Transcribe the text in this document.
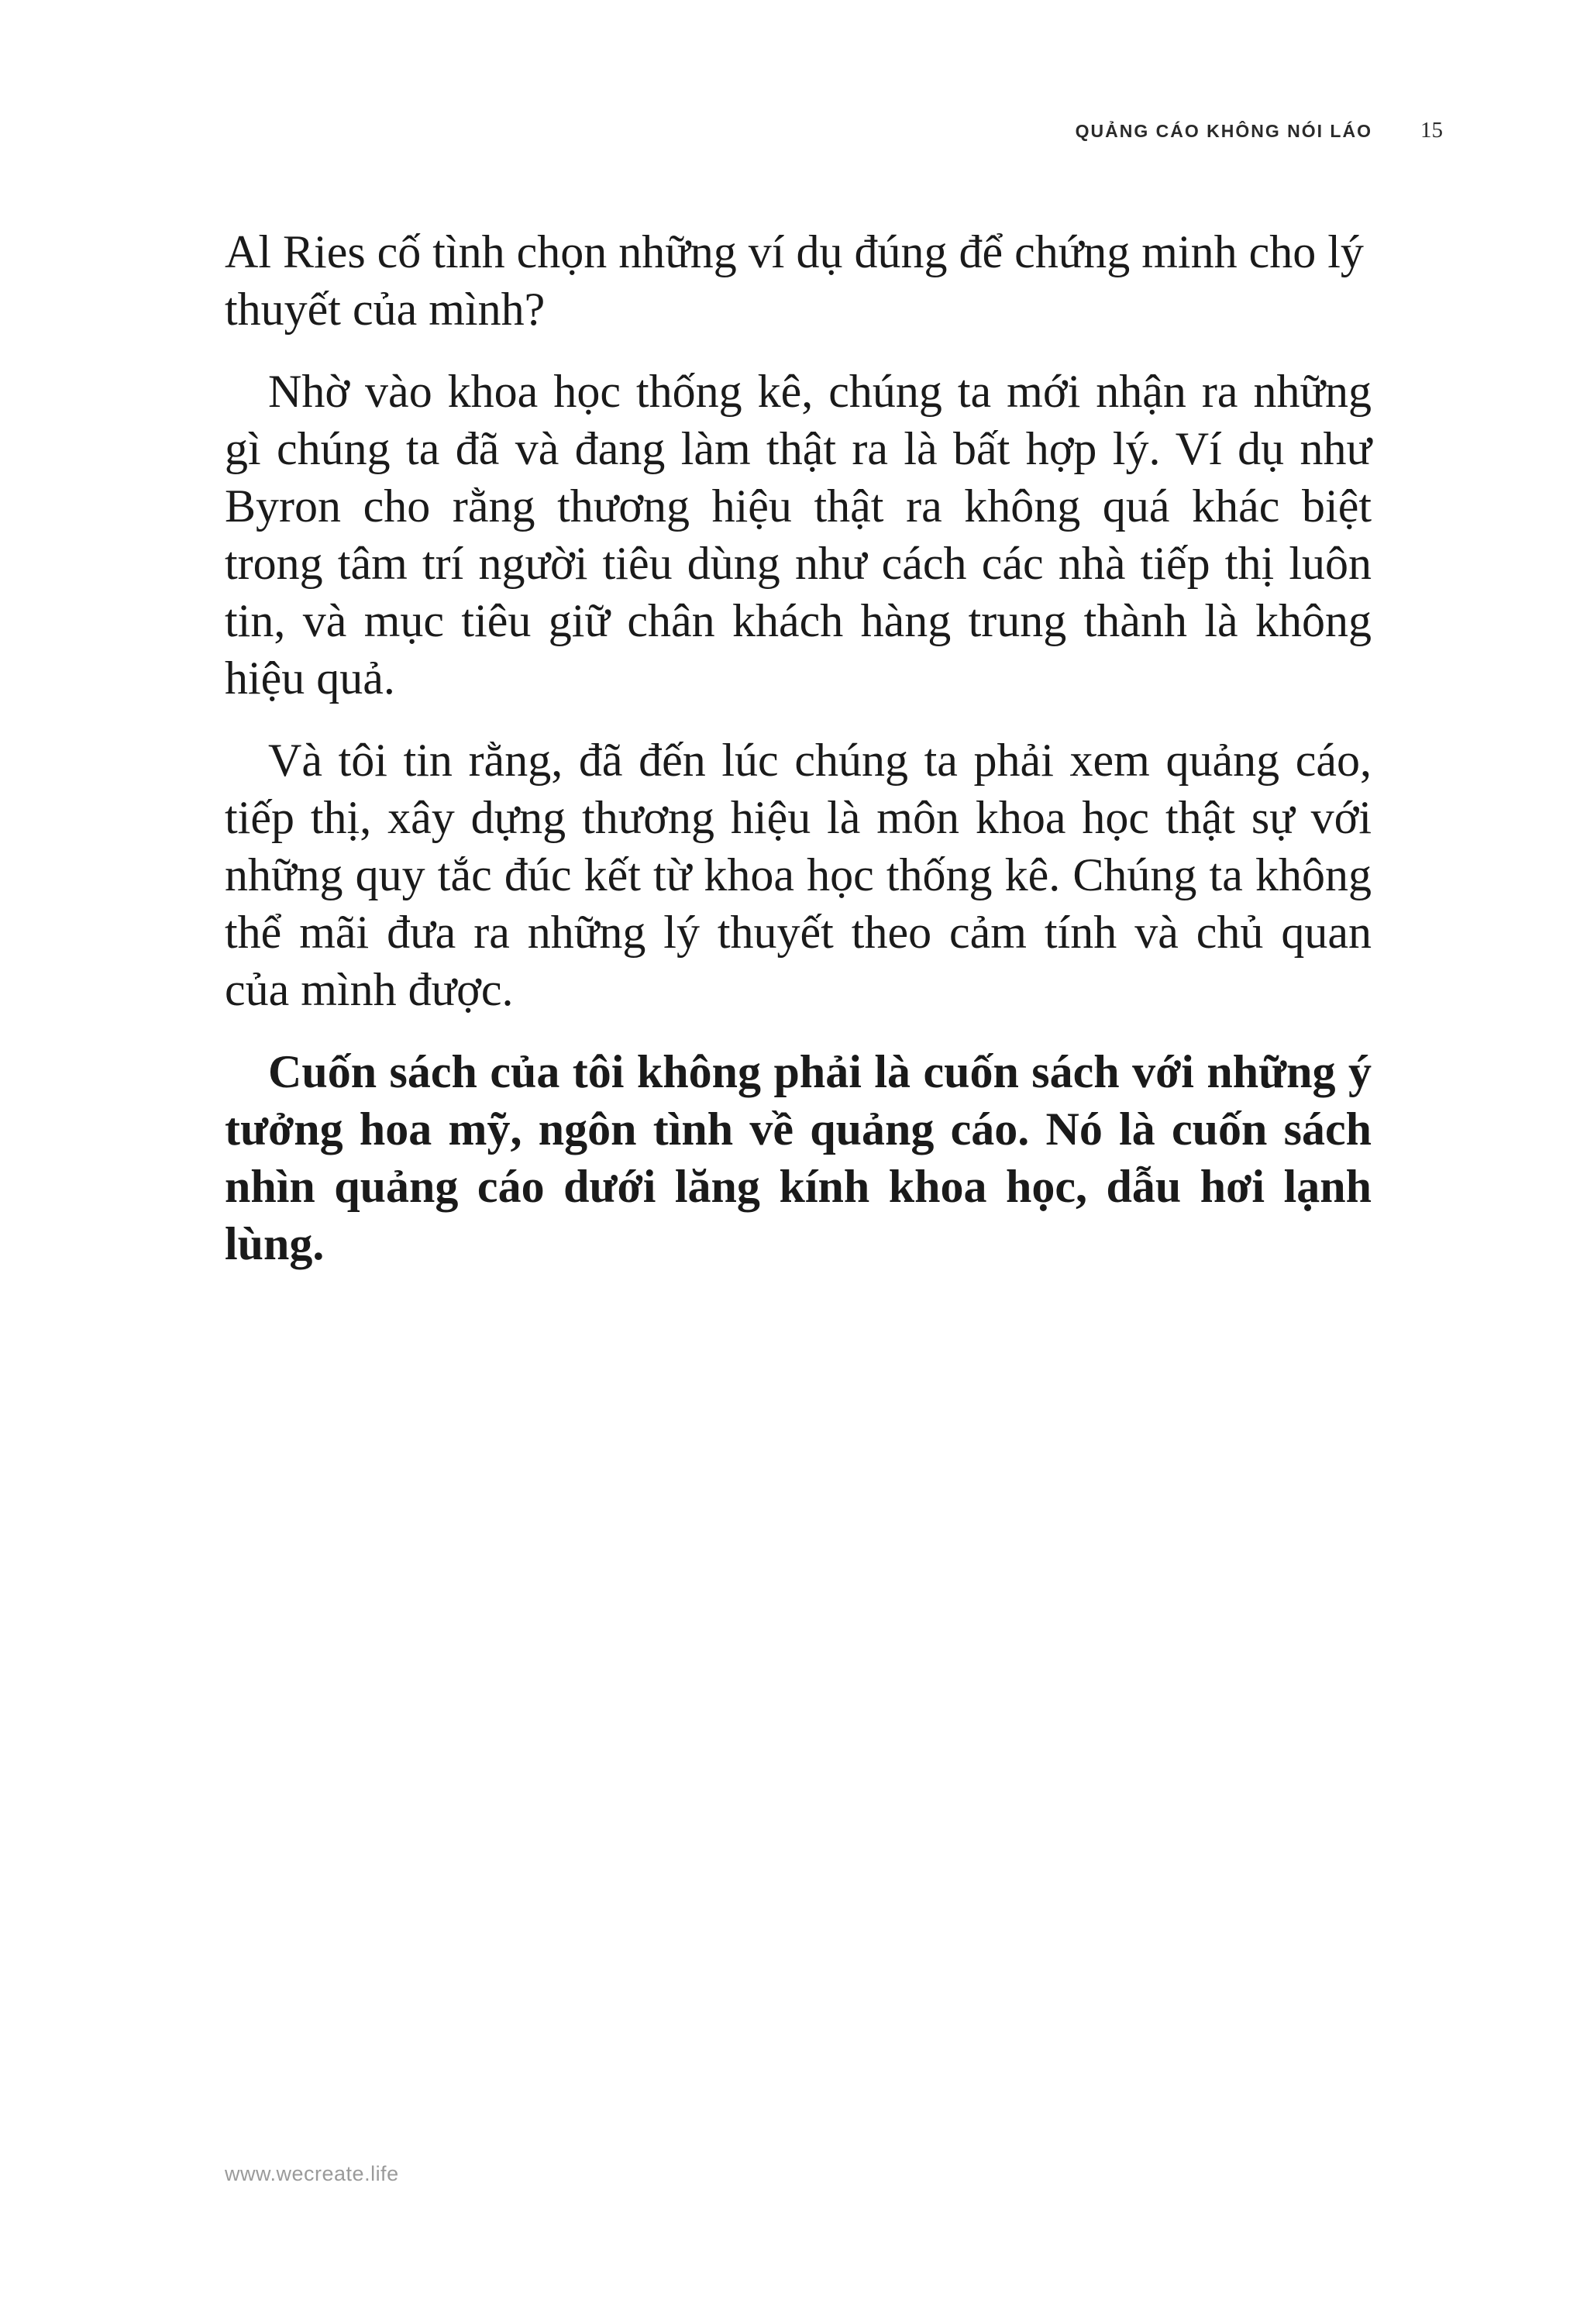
QUẢNG CÁO KHÔNG NÓI LÁO 15

Al Ries cố tình chọn những ví dụ đúng để chứng minh cho lý thuyết của mình?

Nhờ vào khoa học thống kê, chúng ta mới nhận ra những gì chúng ta đã và đang làm thật ra là bất hợp lý. Ví dụ như Byron cho rằng thương hiệu thật ra không quá khác biệt trong tâm trí người tiêu dùng như cách các nhà tiếp thị luôn tin, và mục tiêu giữ chân khách hàng trung thành là không hiệu quả.

Và tôi tin rằng, đã đến lúc chúng ta phải xem quảng cáo, tiếp thị, xây dựng thương hiệu là môn khoa học thật sự với những quy tắc đúc kết từ khoa học thống kê. Chúng ta không thể mãi đưa ra những lý thuyết theo cảm tính và chủ quan của mình được.

Cuốn sách của tôi không phải là cuốn sách với những ý tưởng hoa mỹ, ngôn tình về quảng cáo. Nó là cuốn sách nhìn quảng cáo dưới lăng kính khoa học, dẫu hơi lạnh lùng.

www.wecreate.life
